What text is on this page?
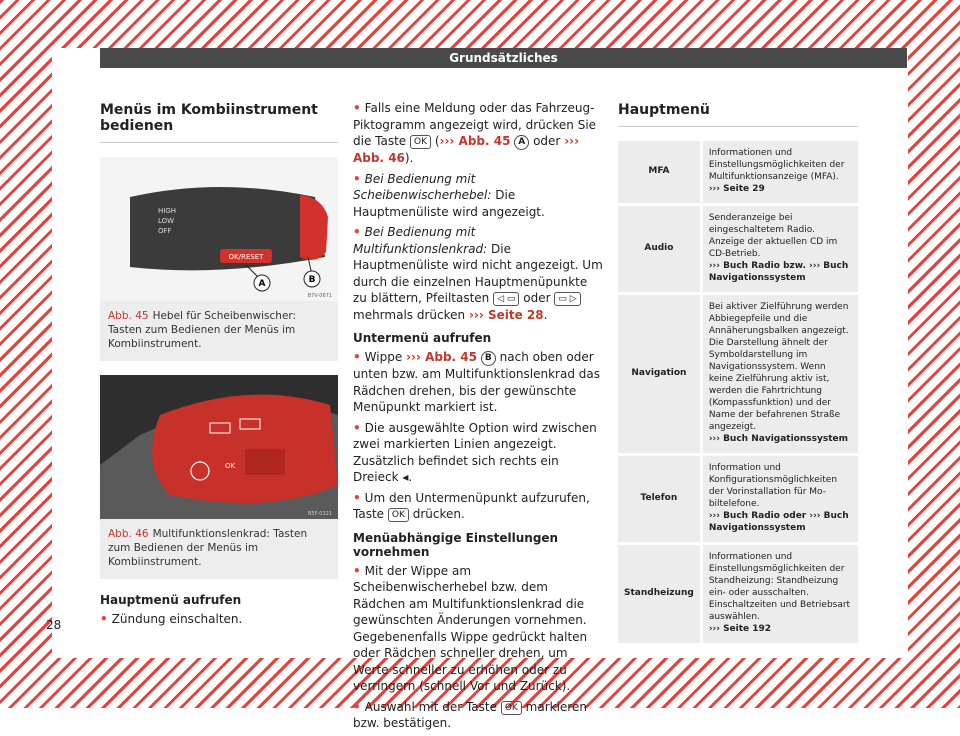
Grundsätzliches
Menüs im Kombiinstrument bedienen
OK/RESET
HIGH
LOW
OFF
A	B
B7V-0671
Abb. 45 Hebel für Scheibenwischer: Tasten zum Bedienen der Menüs im Kombiinstrument.
OK
B5F-0321
Abb. 46 Multifunktionslenkrad: Tasten zum Bedienen der Menüs im Kombiinstrument.
Hauptmenü aufrufen

• Zündung einschalten.

• Falls eine Meldung oder das Fahrzeug-Piktogramm angezeigt wird, drücken Sie die Taste OK (››› Abb. 45 A oder ››› Abb. 46).

• Bei Bedienung mit Scheibenwischerhebel: Die Hauptmenüliste wird angezeigt.

• Bei Bedienung mit Multifunktionslenkrad: Die Hauptmenüliste wird nicht angezeigt. Um durch die einzelnen Hauptmenüpunkte zu blättern, Pfeiltasten ◁ ▭ oder ▭ ▷ mehrmals drücken ››› Seite 28.

Untermenü aufrufen

• Wippe ››› Abb. 45 B nach oben oder unten bzw. am Multifunktionslenkrad das Rädchen drehen, bis der gewünschte Menüpunkt markiert ist.

• Die ausgewählte Option wird zwischen zwei markierten Linien angezeigt. Zusätzlich befindet sich rechts ein Dreieck ◂.

• Um den Untermenüpunkt aufzurufen, Taste OK drücken.

Menüabhängige Einstellungen vornehmen

• Mit der Wippe am Scheibenwischerhebel bzw. dem Rädchen am Multifunktionslenkrad die gewünschten Änderungen vornehmen. Gegebenenfalls Wippe gedrückt halten oder Rädchen schneller drehen, um Werte schneller zu erhöhen oder zu verringern (schnell Vor und Zurück).

• Auswahl mit der Taste OK markieren bzw. bestätigen.

Hauptmenü
MFA	Informationen und Einstellungsmöglichkeiten der Multifunktionsanzeige (MFA).
››› Seite 29
Audio	Senderanzeige bei eingeschaltetem Radio. Anzeige der aktuellen CD im CD-Betrieb.
››› Buch Radio bzw. ››› Buch Navigationssystem
Navigation	Bei aktiver Zielführung werden Abbiegepfeile und die Annäherungsbalken angezeigt. Die Darstellung ähnelt der Symboldarstellung im Navigationssystem. Wenn keine Zielführung aktiv ist, werden die Fahrtrichtung (Kompassfunktion) und der Name der befahrenen Straße angezeigt.
››› Buch Navigationssystem
Telefon	Information und Konfigurationsmöglichkeiten der Vorinstallation für Mobiltelefone.
››› Buch Radio oder ››› Buch Navigationssystem
Standheizung	Informationen und Einstellungsmöglichkeiten der Standheizung: Standheizung ein- oder ausschalten. Einschaltzeiten und Betriebsart auswählen.
››› Seite 192
28
